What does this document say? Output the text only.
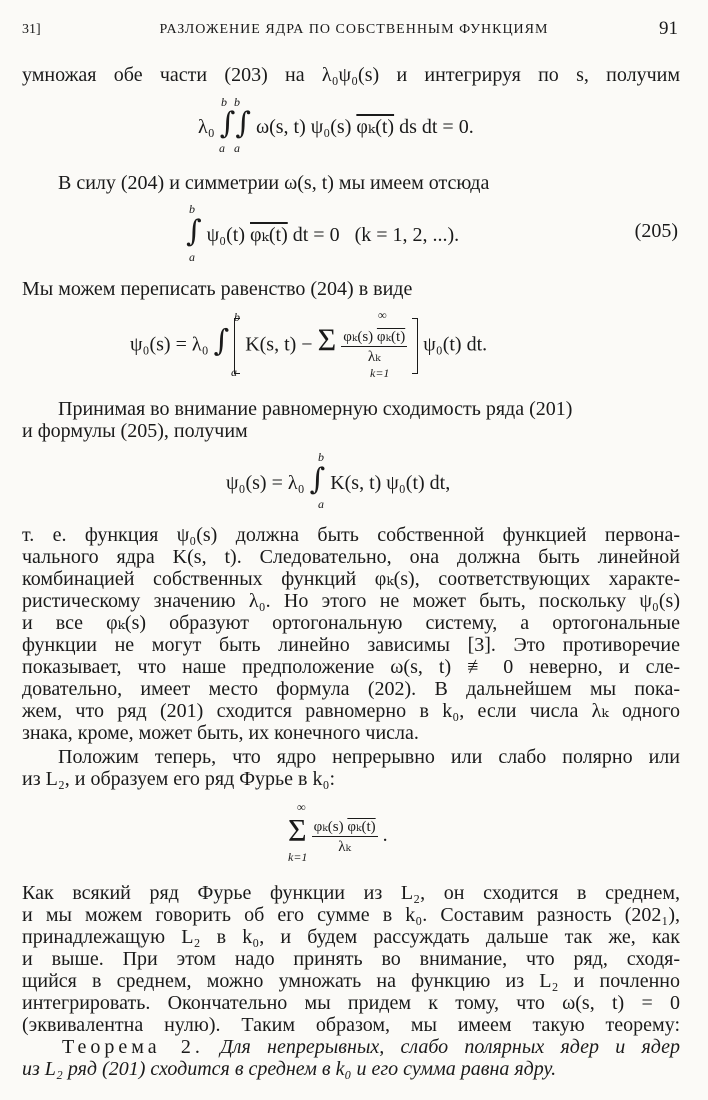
31]	РАЗЛОЖЕНИЕ ЯДРА ПО СОБСТВЕННЫМ ФУНКЦИЯМ	91
умножая обе части (203) на λ₀ψ₀(s) и интегрируя по s, получим
λ₀ ∫∫ ω(s, t) ψ₀(s) φₖ(t) ds dt = 0.
b b
a a
В силу (204) и симметрии ω(s, t) мы имеем отсюда
∫ ψ₀(t) φₖ(t) dt = 0 (k = 1, 2, ...).
b
a
(205)
Мы можем переписать равенство (204) в виде
ψ₀(s) = λ₀ ∫ K(s, t) − Σ $\frac{\text{φₖ(s) φₖ(t)}}{\text{λₖ}} \psi_0(t)$ dt.
b
a
∞
k=1
Принимая во внимание равномерную сходимость ряда (201)
и формулы (205), получим
ψ₀(s) = λ₀ ∫ K(s, t) ψ₀(t) dt,
b
a
т. е. функция ψ₀(s) должна быть собственной функцией первона-
чального ядра K(s, t). Следовательно, она должна быть линейной
комбинацией собственных функций φₖ(s), соответствующих характе-
ристическому значению λ₀. Но этого не может быть, поскольку ψ₀(s)
и все φₖ(s) образуют ортогональную систему, а ортогональные
функции не могут быть линейно зависимы [3]. Это противоречие
показывает, что наше предположение ω(s, t) ≢ 0 неверно, и сле-
довательно, имеет место формула (202). В дальнейшем мы пока-
жем, что ряд (201) сходится равномерно в k₀, если числа λₖ одного
знака, кроме, может быть, их конечного числа.
Положим теперь, что ядро непрерывно или слабо полярно или
из L₂, и образуем его ряд Фурье в k₀:
Σ $\frac{\text{φₖ(s) φₖ(t)}}{\text{λₖ}}$ .
∞
k=1
Как всякий ряд Фурье функции из L₂, он сходится в среднем,
и мы можем говорить об его сумме в k₀. Составим разность (202₁),
принадлежащую L₂ в k₀, и будем рассуждать дальше так же, как
и выше. При этом надо принять во внимание, что ряд, сходя-
щийся в среднем, можно умножать на функцию из L₂ и почленно
интегрировать. Окончательно мы придем к тому, что ω(s, t) = 0
(эквивалентна нулю). Таким образом, мы имеем такую теорему:
Теорема 2. Для непрерывных, слабо полярных ядер и ядер
из L₂ ряд (201) сходится в среднем в k₀ и его сумма равна ядру.
